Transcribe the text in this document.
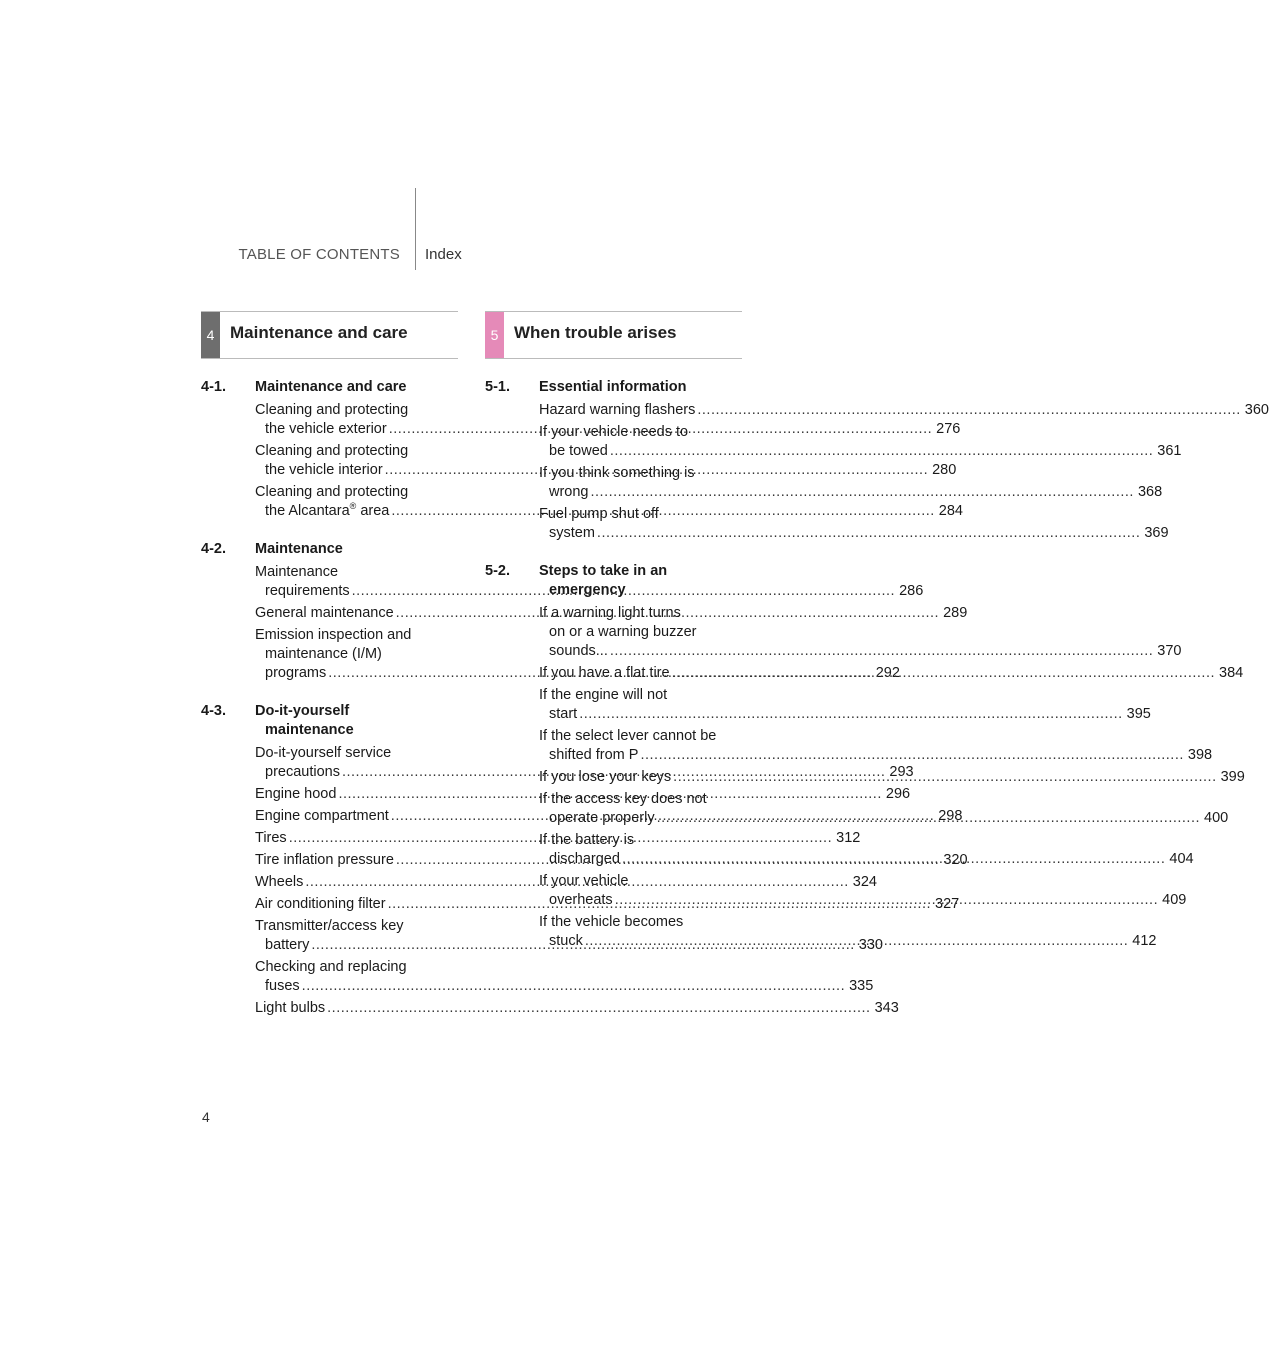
TABLE OF CONTENTS Index
4 Maintenance and care	5 When trouble arises
4-1. Maintenance and care
Cleaning and protecting
the vehicle exterior .....	276
Cleaning and protecting
the vehicle interior .....	280
Cleaning and protecting
the Alcantara® area .....	284
4-2. Maintenance
Maintenance
requirements .....	286
General maintenance .....	289
Emission inspection and
maintenance (I/M)
programs .....	292
4-3. Do-it-yourself
maintenance
Do-it-yourself service
precautions .....	293
Engine hood .....	296
Engine compartment .....	298
Tires .....	312
Tire inflation pressure .....	320
Wheels .....	324
Air conditioning filter .....	327
Transmitter/access key
battery .....	330
Checking and replacing
fuses .....	335
Light bulbs .....	343
5-1. Essential information
Hazard warning flashers .....	360
If your vehicle needs to
be towed .....	361
If you think something is
wrong .....	368
Fuel pump shut off
system .....	369
5-2. Steps to take in an
emergency
If a warning light turns
on or a warning buzzer
sounds... .....	370
If you have a flat tire .....	384
If the engine will not
start .....	395
If the select lever cannot be
shifted from P .....	398
If you lose your keys .....	399
If the access key does not
operate properly .....	400
If the battery is
discharged .....	404
If your vehicle
overheats .....	409
If the vehicle becomes
stuck .....	412
4
